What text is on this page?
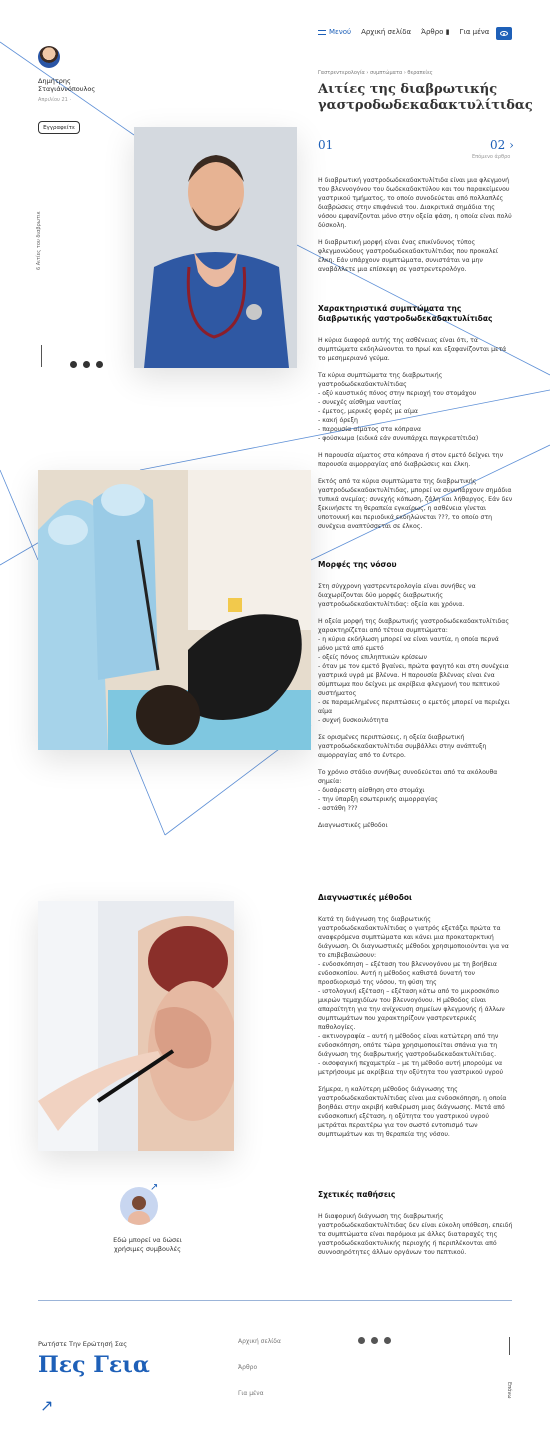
Μενού Αρχική σελίδα Άρθρο ▮ Για μένα
Δημήτρης Σταγιάννόπουλος
Απριλίου 21 ·
Εγγραφείτε
6 Αιτίες του διαβρωτικ
Γαστρεντερολογία › συμπτώματα › θεραπείες
Αιτίες της διαβρωτικής γαστροδωδεκαδακτυλίτιδας
01	02 ›
Επόμενο άρθρο

Η διαβρωτική γαστροδωδεκαδακτυλίτιδα είναι μια φλεγμονή του βλεννογόνου του δωδεκαδακτύλου και του παρακείμενου γαστρικού τμήματος, το οποίο συνοδεύεται από πολλαπλές διαβρώσεις στην επιφάνειά του. Διακριτικά σημάδια της νόσου εμφανίζονται μόνο στην οξεία φάση, η οποία είναι πολύ δύσκολη.

Η διαβρωτική μορφή είναι ένας επικίνδυνος τύπος φλεγμονώδους γαστροδωδεκαδακτυλίτιδας που προκαλεί έλκη. Εάν υπάρχουν συμπτώματα, συνιστάται να μην αναβάλλετε μια επίσκεψη σε γαστρεντερολόγο.

Χαρακτηριστικά συμπτώματα της διαβρωτικής γαστροδωδεκαδακτυλίτιδας

Η κύρια διαφορά αυτής της ασθένειας είναι ότι, τα συμπτώματα εκδηλώνονται το πρωί και εξαφανίζονται μετά το μεσημεριανό γεύμα.

Τα κύρια συμπτώματα της διαβρωτικής γαστροδωδεκαδακτυλίτιδας
- οξύ καυστικός πόνος στην περιοχή του στομάχου
- συνεχές αίσθημα ναυτίας
- έμετος, μερικές φορές με αίμα
- κακή όρεξη
- παρουσία αίματος στα κόπρανα
- φούσκωμα (ειδικά εάν συνυπάρχει παγκρεατίτιδα)

Η παρουσία αίματος στα κόπρανα ή στον εμετό δείχνει την παρουσία αιμορραγίας από διαβρώσεις και έλκη.

Εκτός από τα κύρια συμπτώματα της διαβρωτικής γαστροδωδεκαδακτυλίτιδας, μπορεί να συνυπάρχουν σημάδια τυπικά ανεμίας: συνεχής κόπωση, ζάλη και λήθαργος. Εάν δεν ξεκινήσετε τη θεραπεία εγκαίρως, η ασθένεια γίνεται υποτονική και περιοδικά εκδηλώνεται ???, το οποίο στη συνέχεια αναπτύσσεται σε έλκος.

Μορφές της νόσου

Στη σύγχρονη γαστρεντερολογία είναι συνήθες να διαχωρίζονται δύο μορφές διαβρωτικής γαστροδωδεκαδακτυλίτιδας: οξεία και χρόνια.

Η οξεία μορφή της διαβρωτικής γαστροδωδεκαδακτυλίτιδας χαρακτηρίζεται από τέτοια συμπτώματα:
- η κύρια εκδήλωση μπορεί να είναι ναυτία, η οποία περνά μόνο μετά από εμετό
- οξείς πόνος επιληπτικών κρίσεων
- όταν με τον εμετό βγαίνει, πρώτα φαγητό και στη συνέχεια γαστρικά υγρά με βλέννα. Η παρουσία βλέννας είναι ένα σύμπτωμα που δείχνει με ακρίβεια φλεγμονή του πεπτικού συστήματος
- σε παραμελημένες περιπτώσεις ο εμετός μπορεί να περιέχει αίμα
- συχνή δυσκοιλιότητα

Σε ορισμένες περιπτώσεις, η οξεία διαβρωτική γαστροδωδεκαδακτυλίτιδα συμβάλλει στην ανάπτυξη αιμορραγίας από το έντερο.

Το χρόνιο στάδιο συνήθως συνοδεύεται από τα ακόλουθα σημεία:
- δυσάρεστη αίσθηση στο στομάχι
- την ύπαρξη εσωτερικής αιμορραγίας
- αστάθη ???

Διαγνωστικές μέθοδοι

Διαγνωστικές μέθοδοι

Κατά τη διάγνωση της διαβρωτικής γαστροδωδεκαδακτυλίτιδας ο γιατρός εξετάζει πρώτα τα αναφερόμενα συμπτώματα και κάνει μια προκαταρκτική διάγνωση. Οι διαγνωστικές μέθοδοι χρησιμοποιούνται για να το επιβεβαιώσουν:
- ενδοσκόπηση – εξέταση του βλεννογόνου με τη βοήθεια ενδοσκοπίου. Αυτή η μέθοδος καθιστά δυνατή τον προσδιορισμό της νόσου, τη φύση της
- ιστολογική εξέταση – εξέταση κάτω από το μικροσκόπιο μικρών τεμαχιδίων του βλεννογόνου. Η μέθοδος είναι απαραίτητη για την ανίχνευση σημείων φλεγμονής ή άλλων συμπτωμάτων που χαρακτηρίζουν γαστρεντερικές παθολογίες.
- ακτινογραφία – αυτή η μέθοδος είναι κατώτερη από την ενδοσκόπηση, οπότε τώρα χρησιμοποιείται σπάνια για τη διάγνωση της διαβρωτικής γαστροδωδεκαδακτυλίτιδας.
- οισοφαγική πεχαμετρία – με τη μέθοδο αυτή μπορούμε να μετρήσουμε με ακρίβεια την οξύτητα του γαστρικού υγρού

Σήμερα, η καλύτερη μέθοδος διάγνωσης της γαστροδωδεκαδακτυλίτιδας είναι μια ενδοσκόπηση, η οποία βοηθάει στην ακριβή καθιέρωση μιας διάγνωσης. Μετά από ενδοσκοπική εξέταση, η οξύτητα του γαστρικού υγρού μετράται περαιτέρω για τον σωστό εντοπισμό των συμπτωμάτων και τη θεραπεία της νόσου.

Σχετικές παθήσεις

Η διαφορική διάγνωση της διαβρωτικής γαστροδωδεκαδακτυλίτιδας δεν είναι εύκολη υπόθεση, επειδή τα συμπτώματα είναι παρόμοια με άλλες διαταραχές της γαστροδωδεκαδακτυλικής περιοχής ή περιπλέκονται από συννοσηρότητες άλλων οργάνων του πεπτικού.

↗
Εδώ μπορεί να δώσει
χρήσιμες συμβουλές
Ρωτήστε Την Ερώτησή Σας
Πες Γεια
↗
Αρχική σελίδα
Άρθρο
Για μένα	Επάνω
